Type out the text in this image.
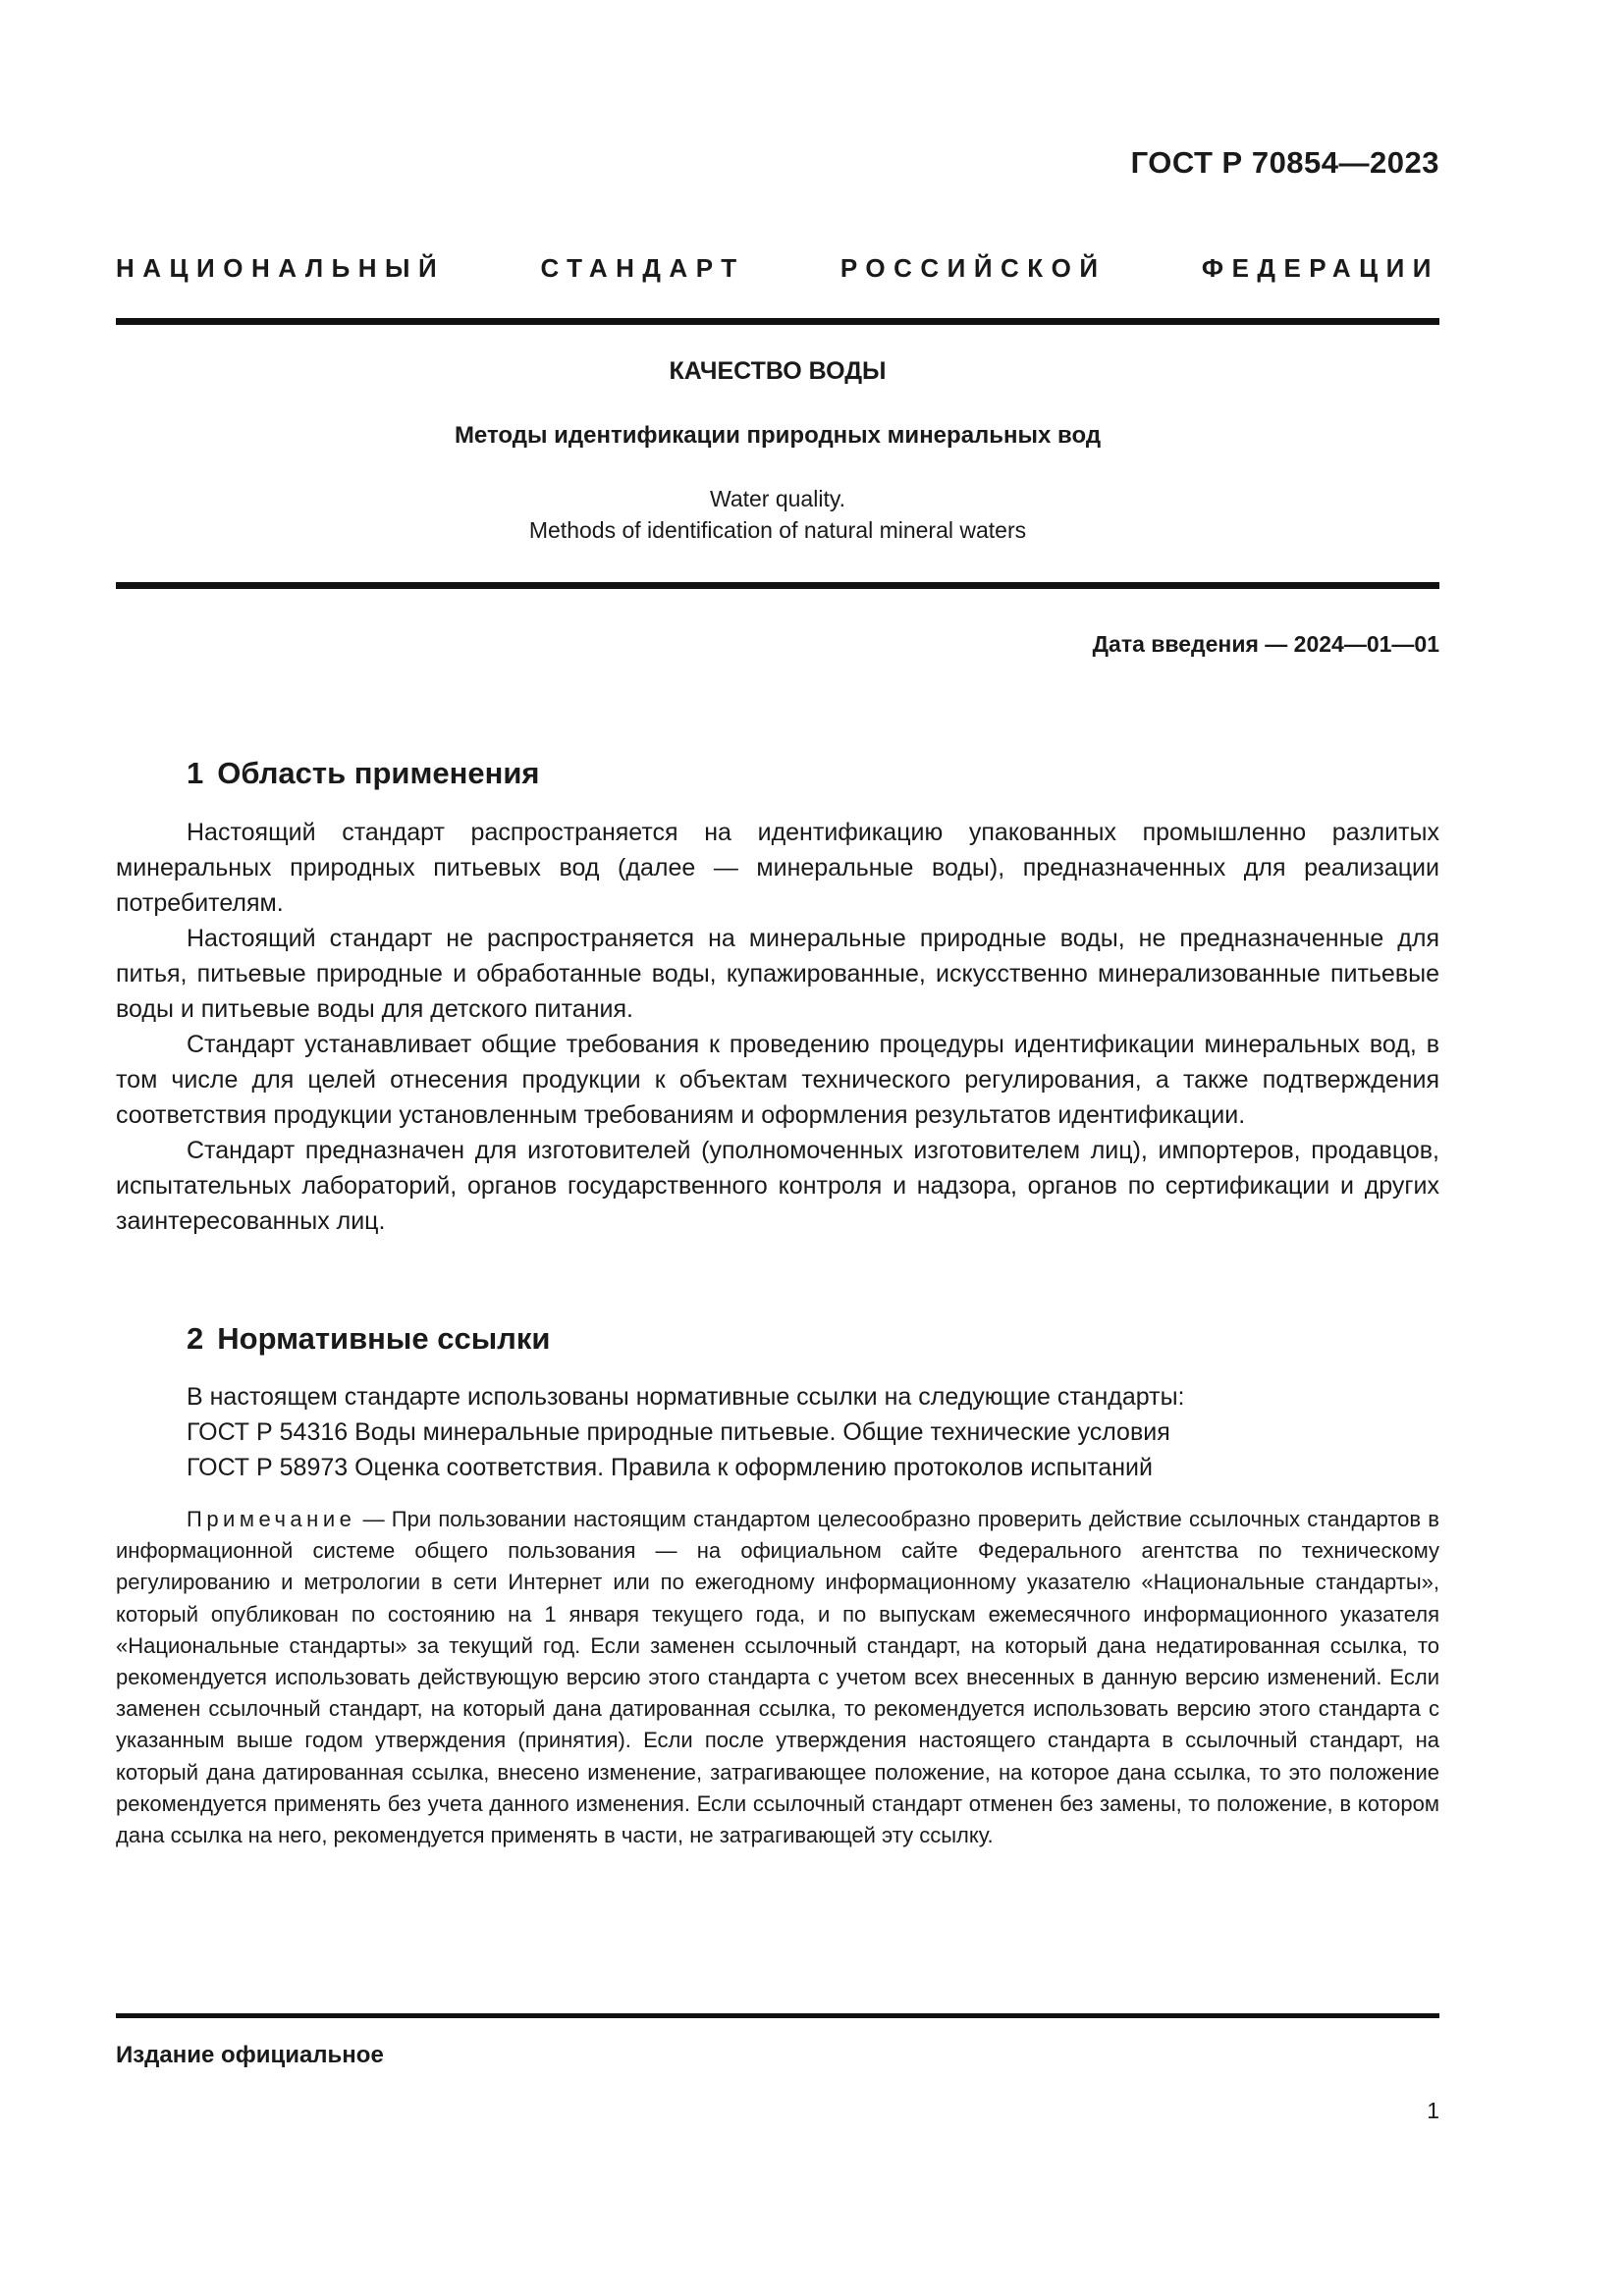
ГОСТ Р 70854—2023
НАЦИОНАЛЬНЫЙ СТАНДАРТ РОССИЙСКОЙ ФЕДЕРАЦИИ
КАЧЕСТВО ВОДЫ
Методы идентификации природных минеральных вод
Water quality.
Methods of identification of natural mineral waters
Дата введения — 2024—01—01
1 Область применения

Настоящий стандарт распространяется на идентификацию упакованных промышленно разлитых минеральных природных питьевых вод (далее — минеральные воды), предназначенных для реализации потребителям.

Настоящий стандарт не распространяется на минеральные природные воды, не предназначенные для питья, питьевые природные и обработанные воды, купажированные, искусственно минерализованные питьевые воды и питьевые воды для детского питания.

Стандарт устанавливает общие требования к проведению процедуры идентификации минеральных вод, в том числе для целей отнесения продукции к объектам технического регулирования, а также подтверждения соответствия продукции установленным требованиям и оформления результатов идентификации.

Стандарт предназначен для изготовителей (уполномоченных изготовителем лиц), импортеров, продавцов, испытательных лабораторий, органов государственного контроля и надзора, органов по сертификации и других заинтересованных лиц.

2 Нормативные ссылки
В настоящем стандарте использованы нормативные ссылки на следующие стандарты:
ГОСТ Р 54316 Воды минеральные природные питьевые. Общие технические условия
ГОСТ Р 58973 Оценка соответствия. Правила к оформлению протоколов испытаний
Примечание — При пользовании настоящим стандартом целесообразно проверить действие ссылочных стандартов в информационной системе общего пользования — на официальном сайте Федерального агентства по техническому регулированию и метрологии в сети Интернет или по ежегодному информационному указателю «Национальные стандарты», который опубликован по состоянию на 1 января текущего года, и по выпускам ежемесячного информационного указателя «Национальные стандарты» за текущий год. Если заменен ссылочный стандарт, на который дана недатированная ссылка, то рекомендуется использовать действующую версию этого стандарта с учетом всех внесенных в данную версию изменений. Если заменен ссылочный стандарт, на который дана датированная ссылка, то рекомендуется использовать версию этого стандарта с указанным выше годом утверждения (принятия). Если после утверждения настоящего стандарта в ссылочный стандарт, на который дана датированная ссылка, внесено изменение, затрагивающее положение, на которое дана ссылка, то это положение рекомендуется применять без учета данного изменения. Если ссылочный стандарт отменен без замены, то положение, в котором дана ссылка на него, рекомендуется применять в части, не затрагивающей эту ссылку.
Издание официальное
1
